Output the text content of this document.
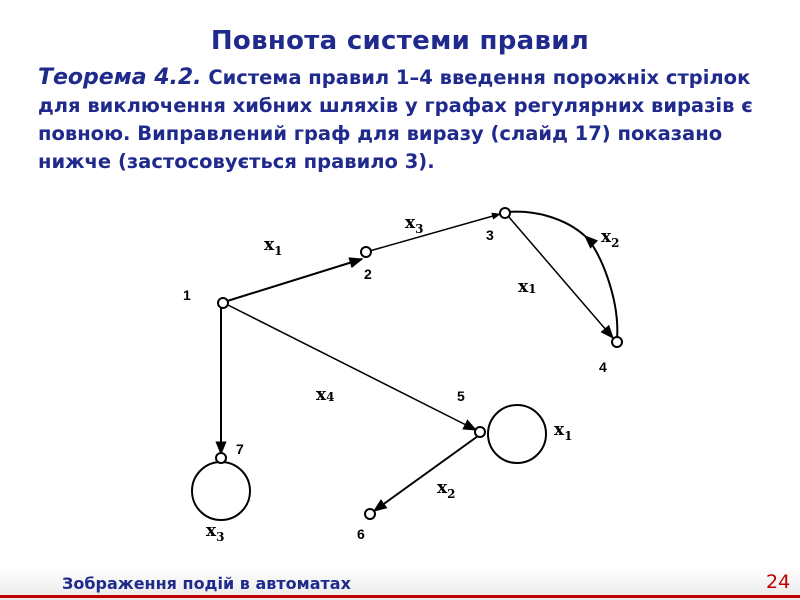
Повнота системи правил
Теорема 4.2. Система правил 1–4 введення порожніх стрілок для виключення хибних шляхів у графах регулярних виразів є повною. Виправлений граф для виразу (слайд 17) показано нижче (застосовується правило 3).
1
2
3
4
5
6
7
$x_1$
$x_3$
x1
$x_2$
x4
$x_1$
$x_2$
$x_3$
Зображення подій в автоматах	24
